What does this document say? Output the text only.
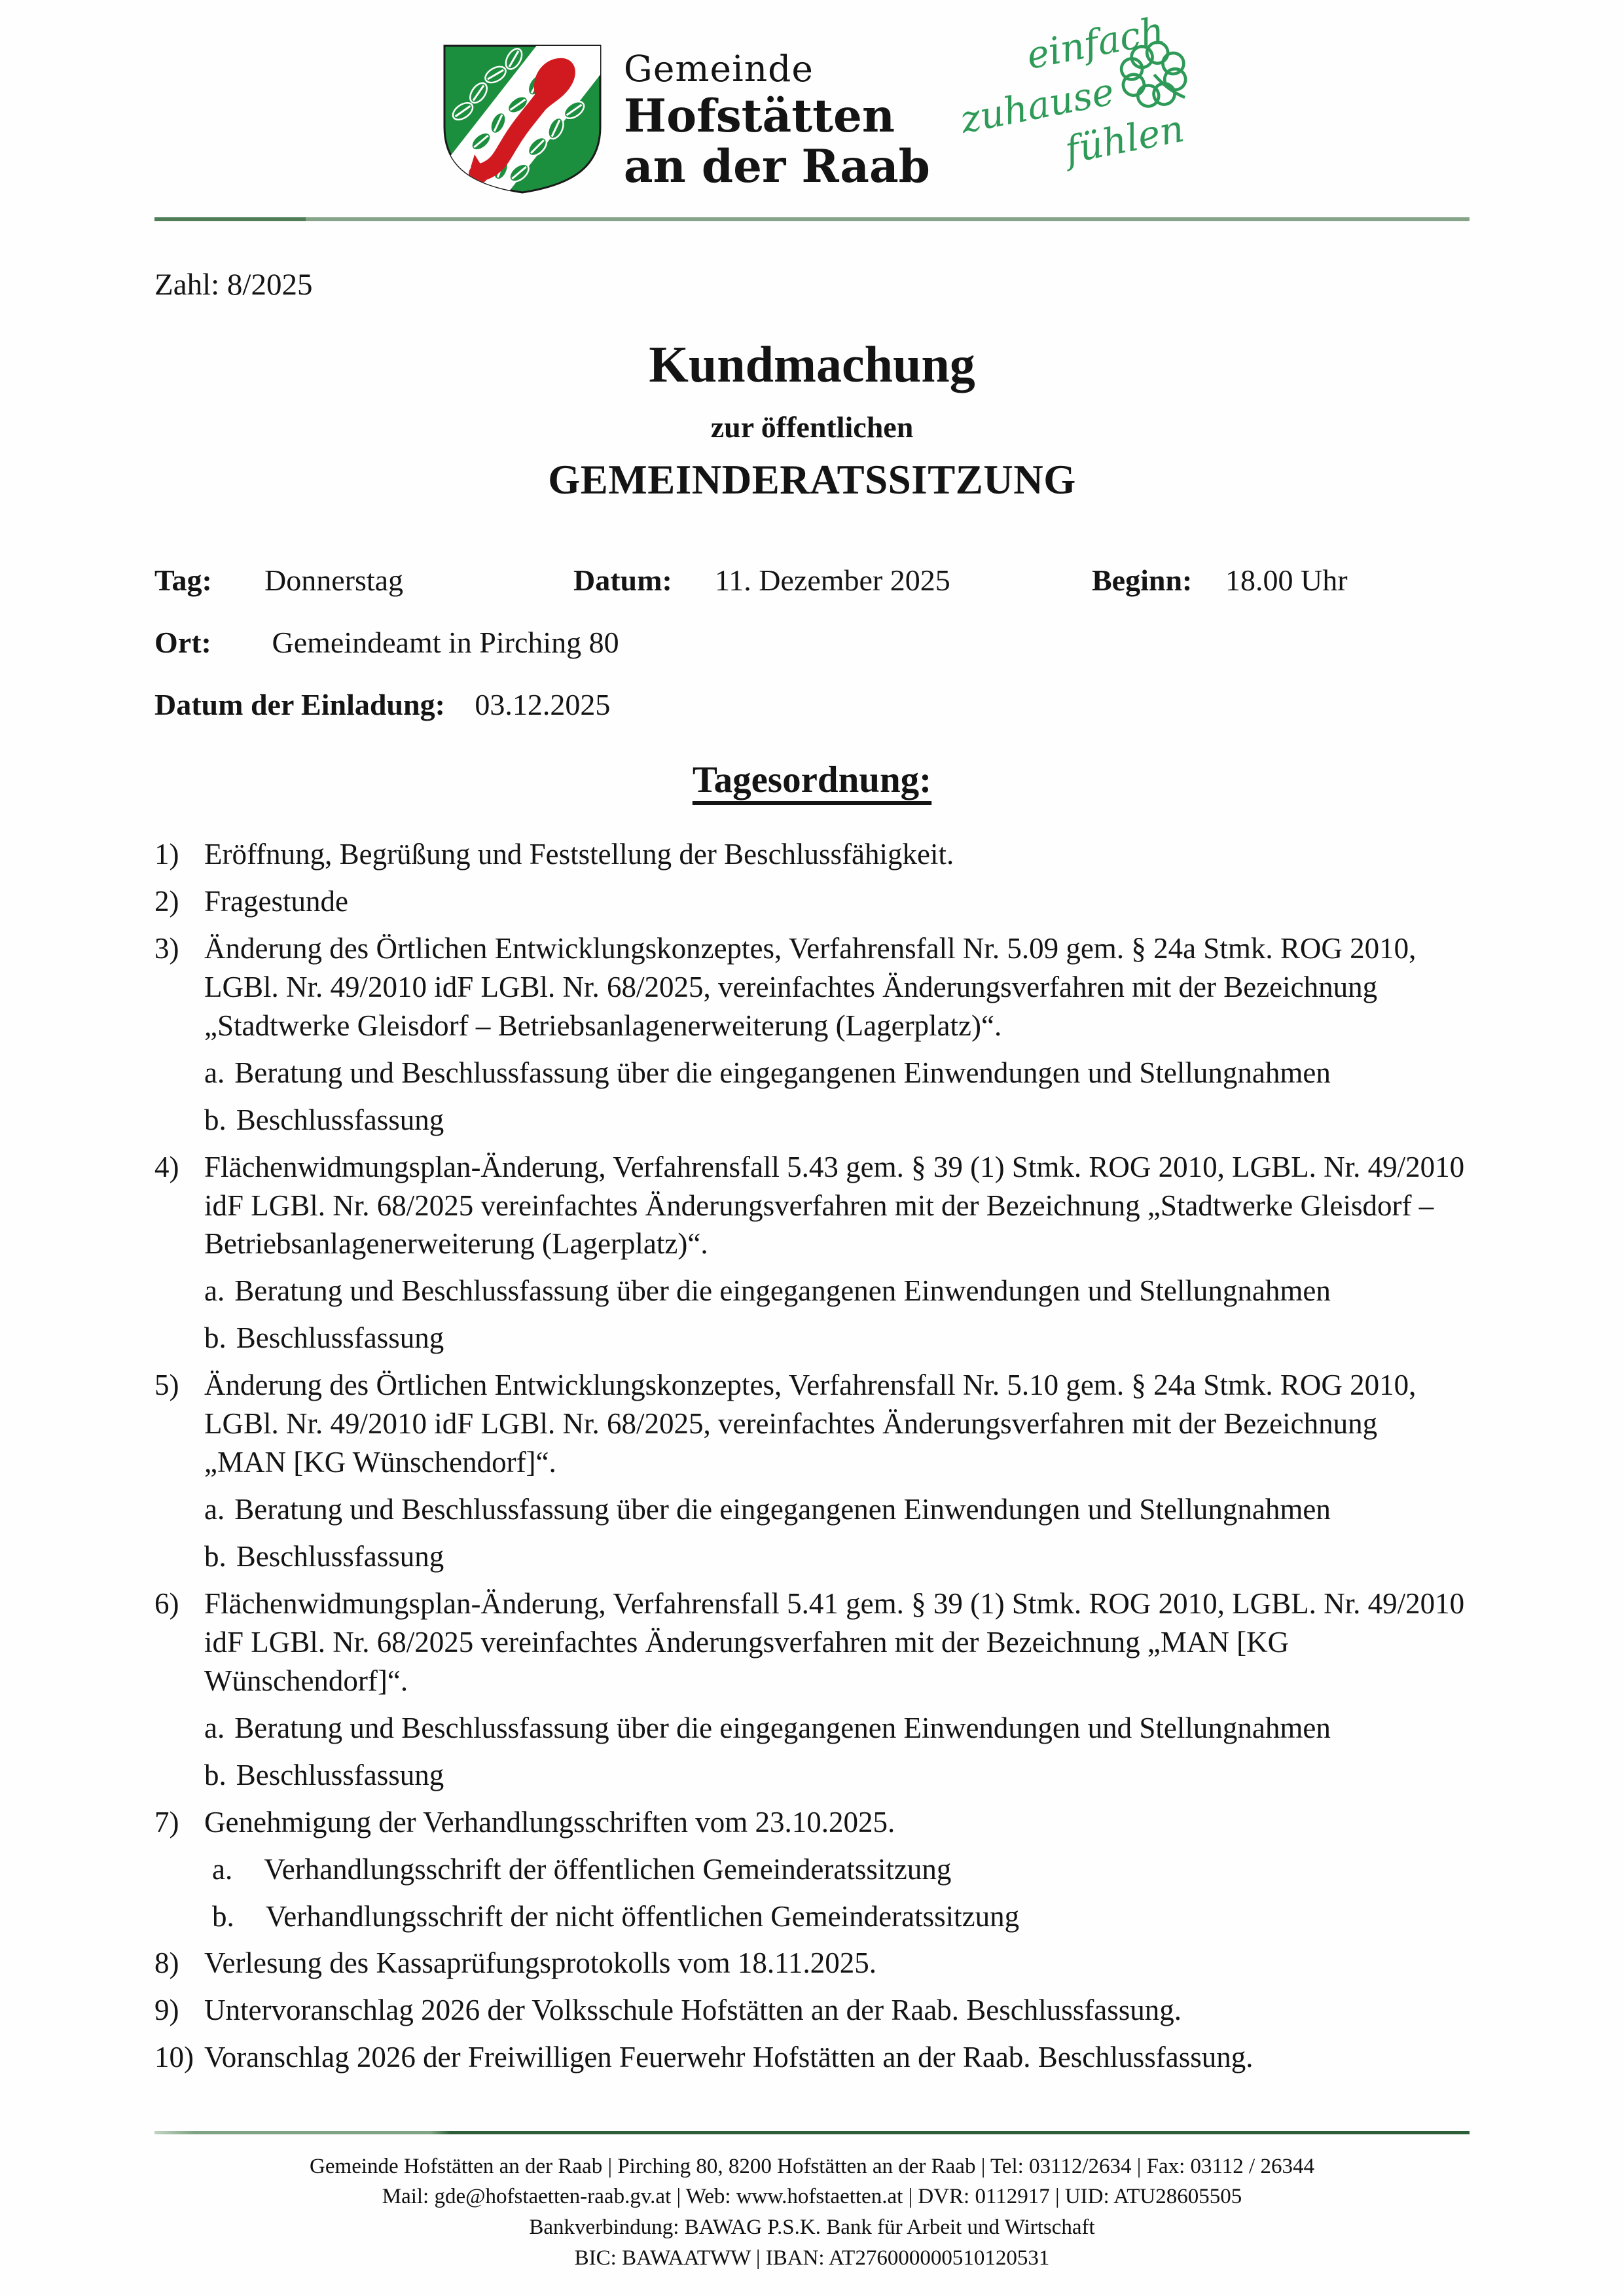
Gemeinde
Hofstätten
an der Raab
einfach
zuhause
fühlen
Zahl: 8/2025
Kundmachung
zur öffentlichen
GEMEINDERATSSITZUNG
Tag:	Donnerstag	Datum:	11. Dezember 2025	Beginn:	18.00 Uhr
Ort: Gemeindeamt in Pirching 80
Datum der Einladung: 03.12.2025
Tagesordnung:
1) Eröffnung, Begrüßung und Feststellung der Beschlussfähigkeit.
2) Fragestunde
3) Änderung des Örtlichen Entwicklungskonzeptes, Verfahrensfall Nr. 5.09 gem. § 24a Stmk. ROG 2010, LGBl. Nr. 49/2010 idF LGBl. Nr. 68/2025, vereinfachtes Änderungsverfahren mit der Bezeichnung „Stadtwerke Gleisdorf – Betriebsanlagenerweiterung (Lagerplatz)“.
a. Beratung und Beschlussfassung über die eingegangenen Einwendungen und Stellungnahmen
b. Beschlussfassung
4) Flächenwidmungsplan-Änderung, Verfahrensfall 5.43 gem. § 39 (1) Stmk. ROG 2010, LGBL. Nr. 49/2010 idF LGBl. Nr. 68/2025 vereinfachtes Änderungsverfahren mit der Bezeichnung „Stadtwerke Gleisdorf – Betriebsanlagenerweiterung (Lagerplatz)“.
a. Beratung und Beschlussfassung über die eingegangenen Einwendungen und Stellungnahmen
b. Beschlussfassung
5) Änderung des Örtlichen Entwicklungskonzeptes, Verfahrensfall Nr. 5.10 gem. § 24a Stmk. ROG 2010, LGBl. Nr. 49/2010 idF LGBl. Nr. 68/2025, vereinfachtes Änderungsverfahren mit der Bezeichnung „MAN [KG Wünschendorf]“.
a. Beratung und Beschlussfassung über die eingegangenen Einwendungen und Stellungnahmen
b. Beschlussfassung
6) Flächenwidmungsplan-Änderung, Verfahrensfall 5.41 gem. § 39 (1) Stmk. ROG 2010, LGBL. Nr. 49/2010 idF LGBl. Nr. 68/2025 vereinfachtes Änderungsverfahren mit der Bezeichnung „MAN [KG Wünschendorf]“.
a. Beratung und Beschlussfassung über die eingegangenen Einwendungen und Stellungnahmen
b. Beschlussfassung
7) Genehmigung der Verhandlungsschriften vom 23.10.2025.
a. Verhandlungsschrift der öffentlichen Gemeinderatssitzung
b. Verhandlungsschrift der nicht öffentlichen Gemeinderatssitzung
8) Verlesung des Kassaprüfungsprotokolls vom 18.11.2025.
9) Untervoranschlag 2026 der Volksschule Hofstätten an der Raab. Beschlussfassung.
10) Voranschlag 2026 der Freiwilligen Feuerwehr Hofstätten an der Raab. Beschlussfassung.
Gemeinde Hofstätten an der Raab | Pirching 80, 8200 Hofstätten an der Raab | Tel: 03112/2634 | Fax: 03112 / 26344
Mail: gde@hofstaetten-raab.gv.at | Web: www.hofstaetten.at | DVR: 0112917 | UID: ATU28605505
Bankverbindung: BAWAG P.S.K. Bank für Arbeit und Wirtschaft
BIC: BAWAATWW | IBAN: AT276000000510120531
